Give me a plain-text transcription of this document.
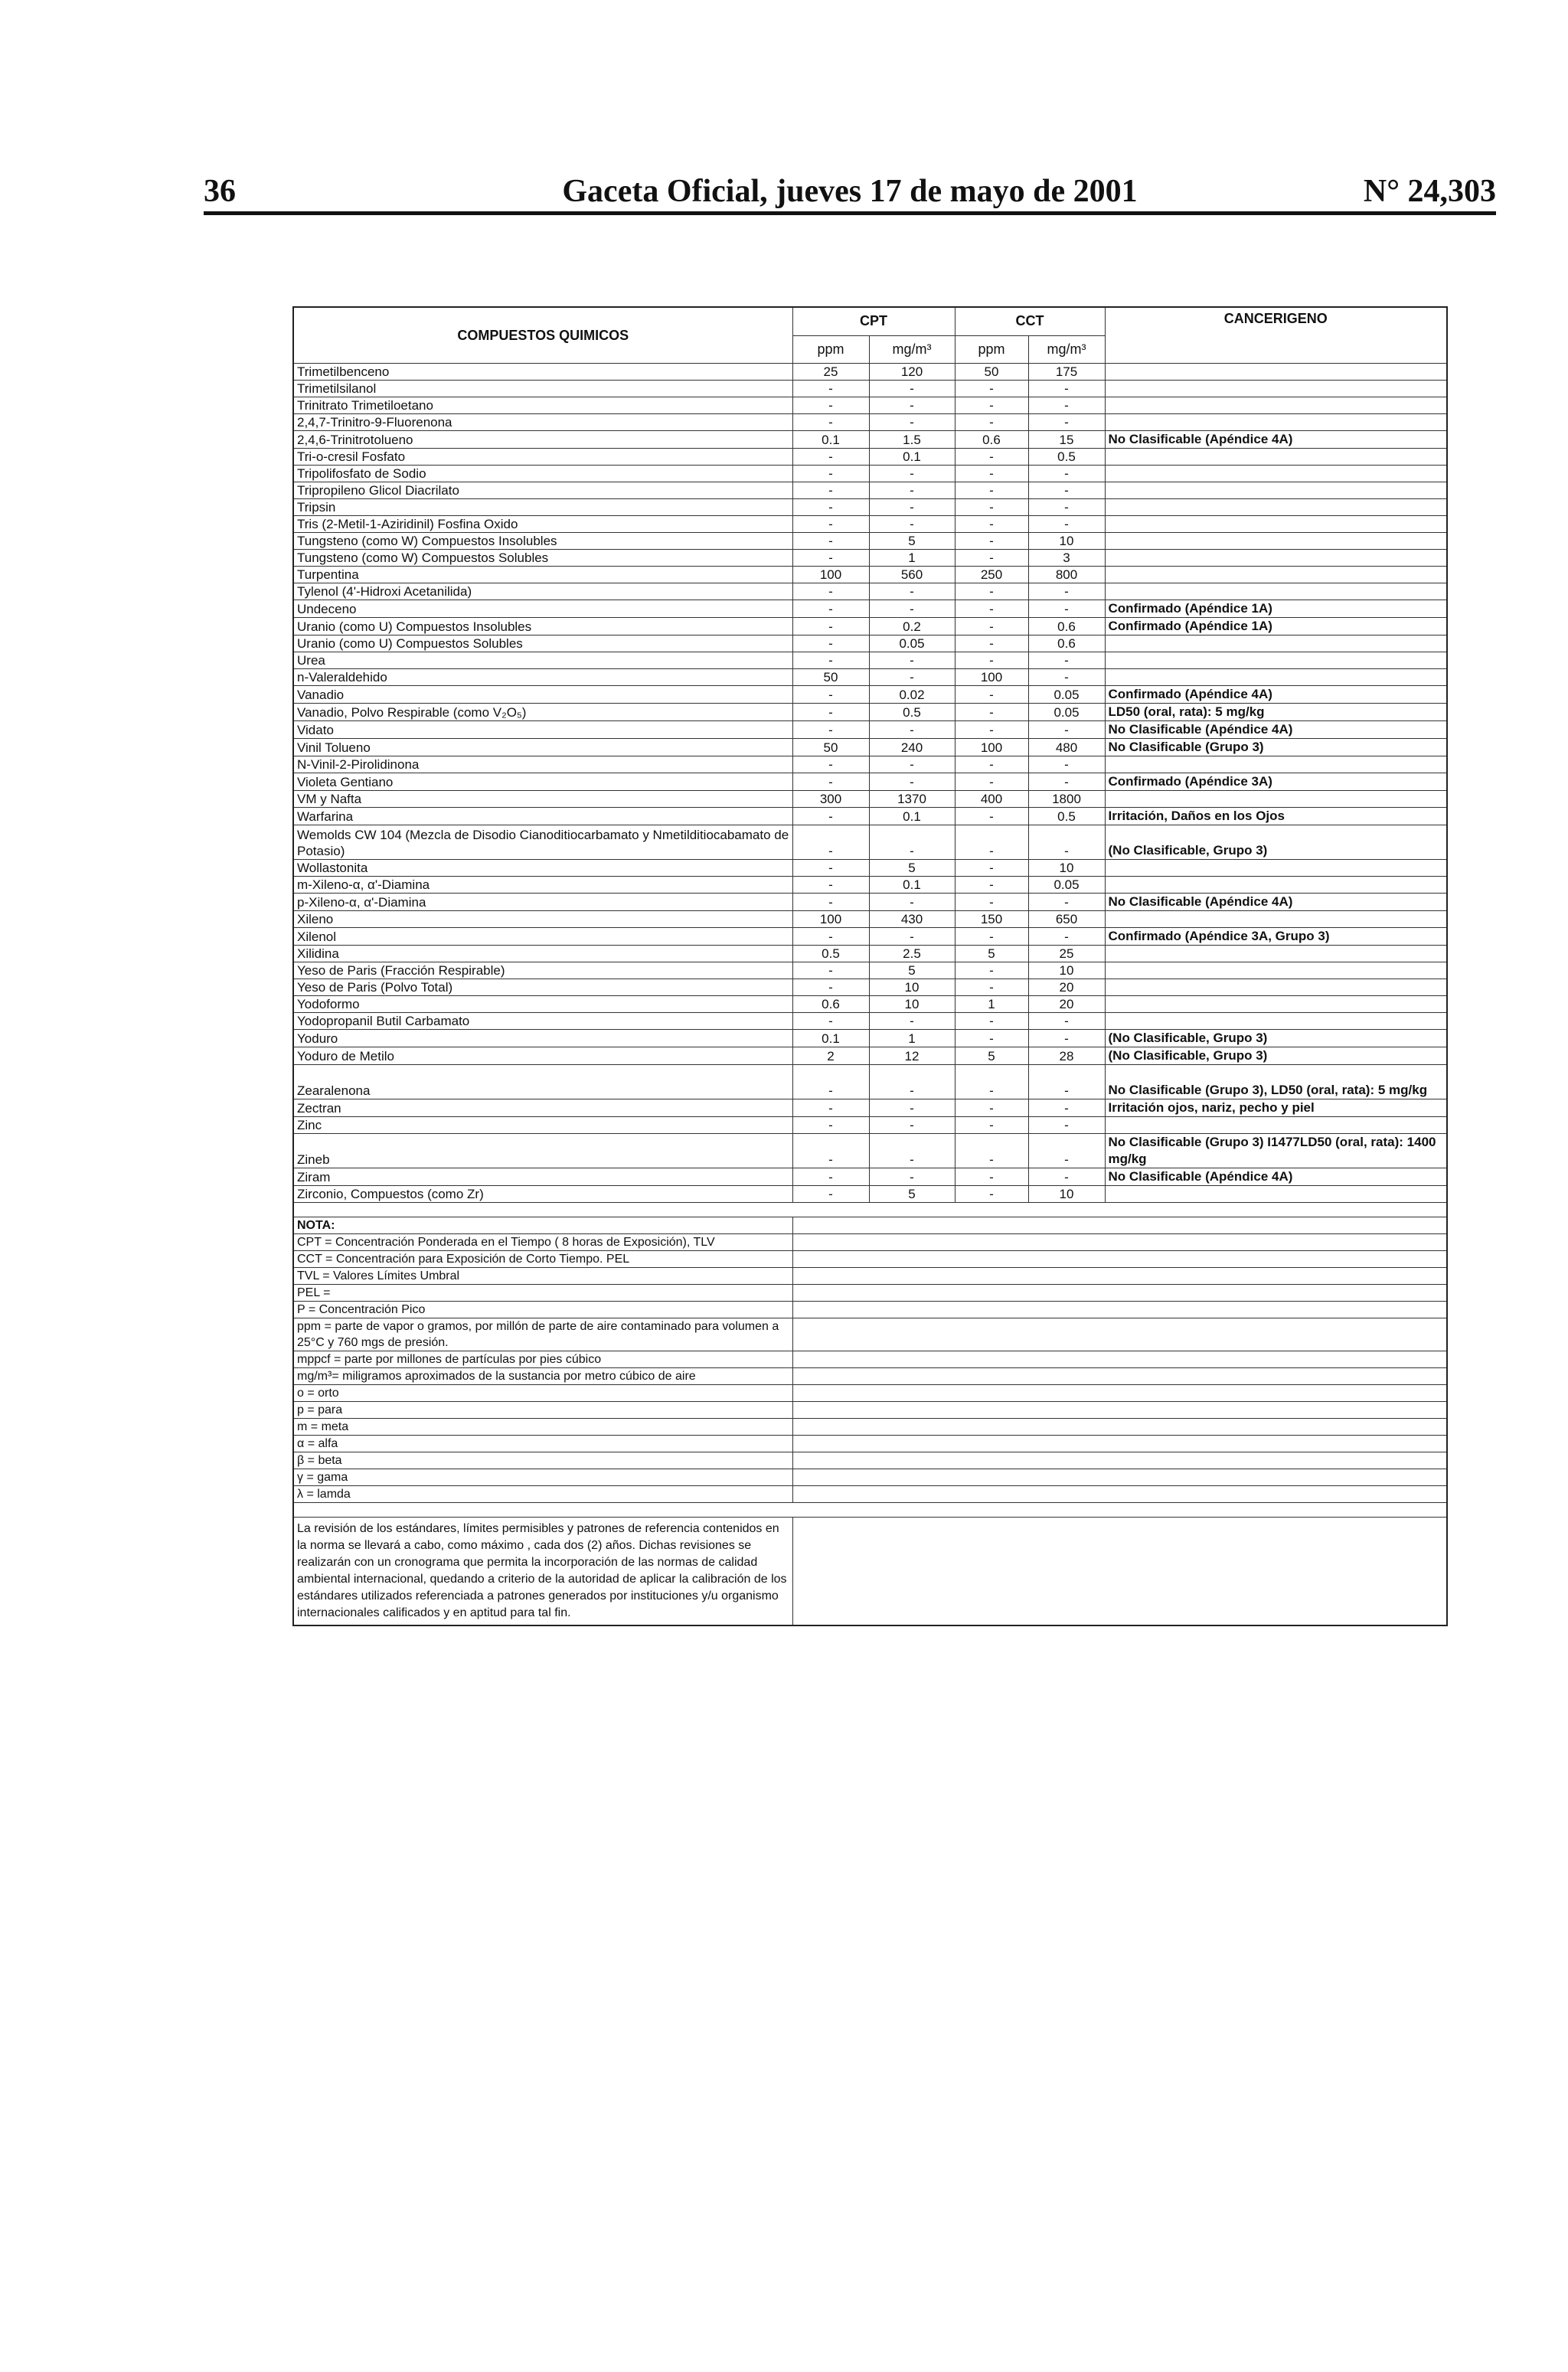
36	Gaceta Oficial, jueves 17 de mayo de 2001	N° 24,303
COMPUESTOS QUIMICOS	CPT		CCT		CANCERIGENO
	ppm	mg/m³	ppm	mg/m³	
Trimetilbenceno	25	120	50	175	
Trimetilsilanol	-	-	-	-	
Trinitrato Trimetiloetano	-	-	-	-	
2,4,7-Trinitro-9-Fluorenona	-	-	-	-	
2,4,6-Trinitrotolueno	0.1	1.5	0.6	15	No Clasificable (Apéndice 4A)
Tri-o-cresil Fosfato	-	0.1	-	0.5	
Tripolifosfato de Sodio	-	-	-	-	
Tripropileno Glicol Diacrilato	-	-	-	-	
Tripsin	-	-	-	-	
Tris (2-Metil-1-Aziridinil) Fosfina Oxido	-	-	-	-	
Tungsteno (como W) Compuestos Insolubles	-	5	-	10	
Tungsteno (como W) Compuestos Solubles	-	1	-	3	
Turpentina	100	560	250	800	
Tylenol (4'-Hidroxi Acetanilida)	-	-	-	-	
Undeceno	-	-	-	-	Confirmado (Apéndice 1A)
Uranio (como U) Compuestos Insolubles	-	0.2	-	0.6	Confirmado (Apéndice 1A)
Uranio (como U) Compuestos Solubles	-	0.05	-	0.6	
Urea	-	-	-	-	
n-Valeraldehido	50	-	100	-	
Vanadio	-	0.02	-	0.05	Confirmado (Apéndice 4A)
Vanadio, Polvo Respirable (como V₂O₅)	-	0.5	-	0.05	LD50 (oral, rata): 5 mg/kg
Vidato	-	-	-	-	No Clasificable (Apéndice 4A)
Vinil Tolueno	50	240	100	480	No Clasificable (Grupo 3)
N-Vinil-2-Pirolidinona	-	-	-	-	
Violeta Gentiano	-	-	-	-	Confirmado (Apéndice 3A)
VM y Nafta	300	1370	400	1800	
Warfarina	-	0.1	-	0.5	Irritación, Daños en los Ojos
Wemolds CW 104 (Mezcla de Disodio Cianoditiocarbamato y Nmetilditiocabamato de Potasio)	-	-	-	-	(No Clasificable, Grupo 3)
Wollastonita	-	5	-	10	
m-Xileno-α, α'-Diamina	-	0.1	-	0.05	
p-Xileno-α, α'-Diamina	-	-	-	-	No Clasificable (Apéndice 4A)
Xileno	100	430	150	650	
Xilenol	-	-	-	-	Confirmado (Apéndice 3A, Grupo 3)
Xilidina	0.5	2.5	5	25	
Yeso de Paris (Fracción Respirable)	-	5	-	10	
Yeso de Paris (Polvo Total)	-	10	-	20	
Yodoformo	0.6	10	1	20	
Yodopropanil Butil Carbamato	-	-	-	-	
Yoduro	0.1	1	-	-	(No Clasificable, Grupo 3)
Yoduro de Metilo	2	12	5	28	(No Clasificable, Grupo 3)
Zearalenona	-	-	-	-	No Clasificable (Grupo 3), LD50 (oral, rata): 5 mg/kg
Zectran	-	-	-	-	Irritación ojos, nariz, pecho y piel
Zinc	-	-	-	-	
Zineb	-	-	-	-	No Clasificable (Grupo 3) I1477LD50 (oral, rata): 1400 mg/kg
Ziram	-	-	-	-	No Clasificable (Apéndice 4A)
Zirconio, Compuestos (como Zr)	-	5	-	10	

NOTA:					
CPT = Concentración Ponderada en el Tiempo ( 8 horas de Exposición), TLV					
CCT = Concentración para Exposición de Corto Tiempo. PEL					
TVL = Valores Límites Umbral					
PEL =					
P = Concentración Pico					
ppm = parte de vapor o gramos, por millón de parte de aire contaminado para volumen a 25°C y 760 mgs de presión.					
mppcf = parte por millones de partículas por pies cúbico					
mg/m³= miligramos aproximados de la sustancia por metro cúbico de aire					
o = orto					
p = para					
m = meta					
α = alfa					
β = beta					
γ = gama					
λ = lamda					

La revisión de los estándares, límites permisibles y patrones de referencia contenidos en la norma se llevará a cabo, como máximo , cada dos (2) años. Dichas revisiones se realizarán con un cronograma que permita la incorporación de las normas de calidad ambiental internacional, quedando a criterio de la autoridad de aplicar la calibración de los estándares utilizados referenciada a patrones generados por instituciones y/u organismo internacionales calificados y en aptitud para tal fin.					
